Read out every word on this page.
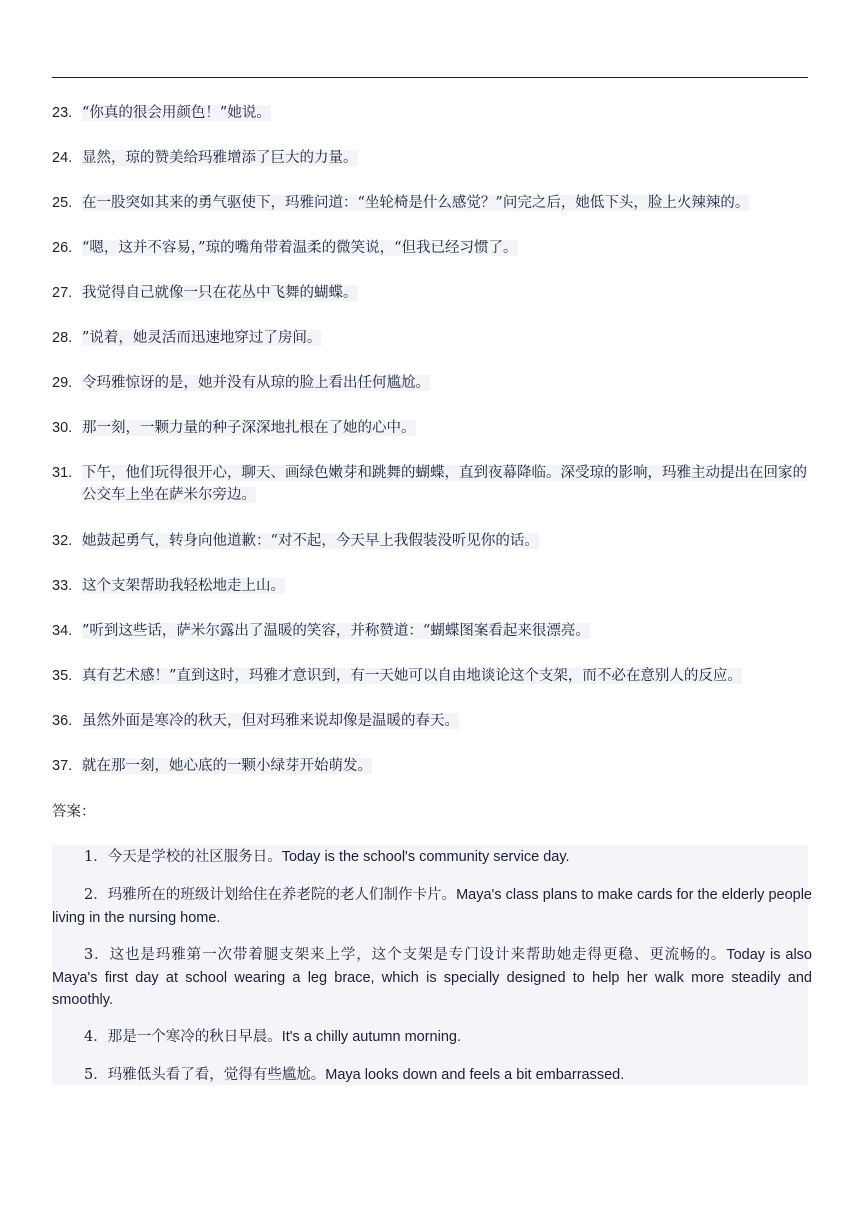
23. “你真的很会用颜色！”她说。
24. 显然，琼的赞美给玛雅增添了巨大的力量。
25. 在一股突如其来的勇气驱使下，玛雅问道：“坐轮椅是什么感觉？”问完之后，她低下头，脸上火辣辣的。
26. “嗯，这并不容易，”琼的嘴角带着温柔的微笑说，“但我已经习惯了。
27. 我觉得自己就像一只在花丛中飞舞的蝴蝶。
28. ”说着，她灵活而迅速地穿过了房间。
29. 令玛雅惊讶的是，她并没有从琼的脸上看出任何尴尬。
30. 那一刻，一颗力量的种子深深地扎根在了她的心中。
31. 下午，他们玩得很开心，聊天、画绿色嫩芽和跳舞的蝴蝶，直到夜幕降临。深受琼的影响，玛雅主动提出在回家的公交车上坐在萨米尔旁边。
32. 她鼓起勇气，转身向他道歉：“对不起，今天早上我假装没听见你的话。
33. 这个支架帮助我轻松地走上山。
34. ”听到这些话，萨米尔露出了温暖的笑容，并称赞道：“蝴蝶图案看起来很漂亮。
35. 真有艺术感！”直到这时，玛雅才意识到，有一天她可以自由地谈论这个支架，而不必在意别人的反应。
36. 虽然外面是寒冷的秋天，但对玛雅来说却像是温暖的春天。
37. 就在那一刻，她心底的一颗小绿芽开始萌发。
答案：
1．今天是学校的社区服务日。Today is the school's community service day.
2．玛雅所在的班级计划给住在养老院的老人们制作卡片。Maya's class plans to make cards for the elderly people living in the nursing home.
3．这也是玛雅第一次带着腿支架来上学，这个支架是专门设计来帮助她走得更稳、更流畅的。Today is also Maya's first day at school wearing a leg brace, which is specially designed to help her walk more steadily and smoothly.
4．那是一个寒冷的秋日早晨。It's a chilly autumn morning.
5．玛雅低头看了看，觉得有些尴尬。Maya looks down and feels a bit embarrassed.
